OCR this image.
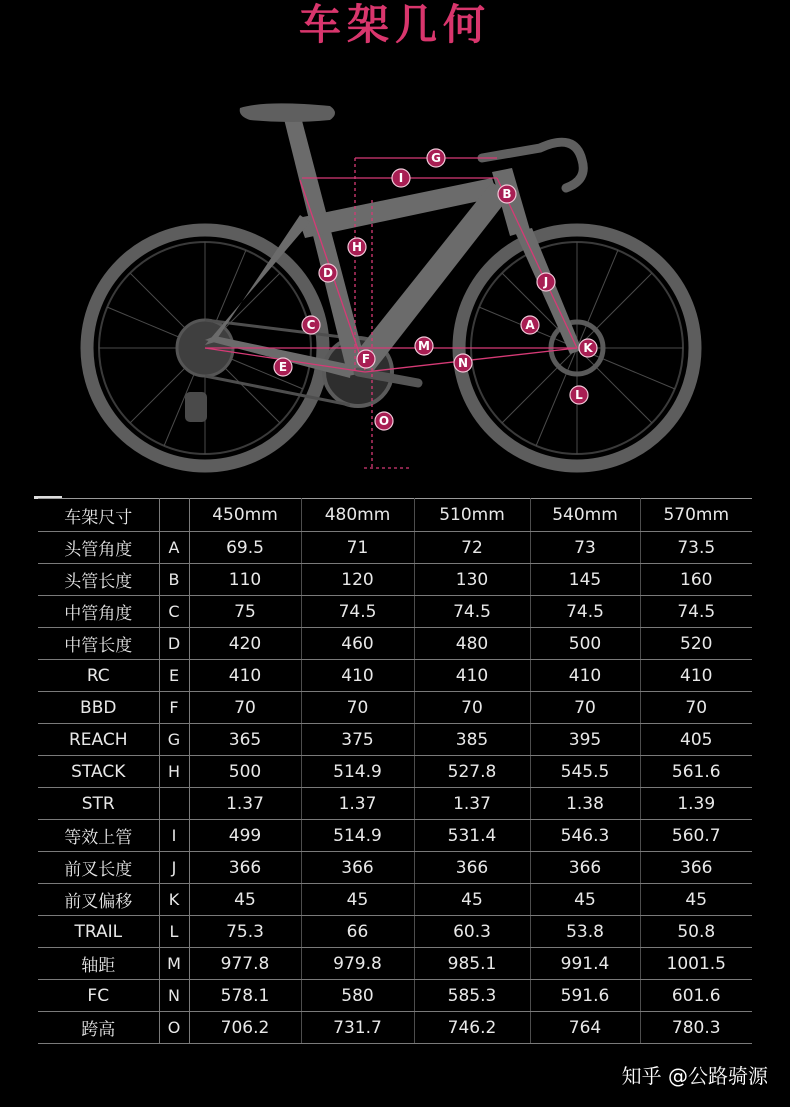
车架几何
A
B
C
D
E
F
G
H
I
J
K
L
M
N
O
车架尺寸		450mm	480mm	510mm	540mm	570mm
头管角度	A	69.5	71	72	73	73.5
头管长度	B	110	120	130	145	160
中管角度	C	75	74.5	74.5	74.5	74.5
中管长度	D	420	460	480	500	520
RC	E	410	410	410	410	410
BBD	F	70	70	70	70	70
REACH	G	365	375	385	395	405
STACK	H	500	514.9	527.8	545.5	561.6
STR		1.37	1.37	1.37	1.38	1.39
等效上管	I	499	514.9	531.4	546.3	560.7
前叉长度	J	366	366	366	366	366
前叉偏移	K	45	45	45	45	45
TRAIL	L	75.3	66	60.3	53.8	50.8
轴距	M	977.8	979.8	985.1	991.4	1001.5
FC	N	578.1	580	585.3	591.6	601.6
跨高	O	706.2	731.7	746.2	764	780.3
知乎 @公路骑源
